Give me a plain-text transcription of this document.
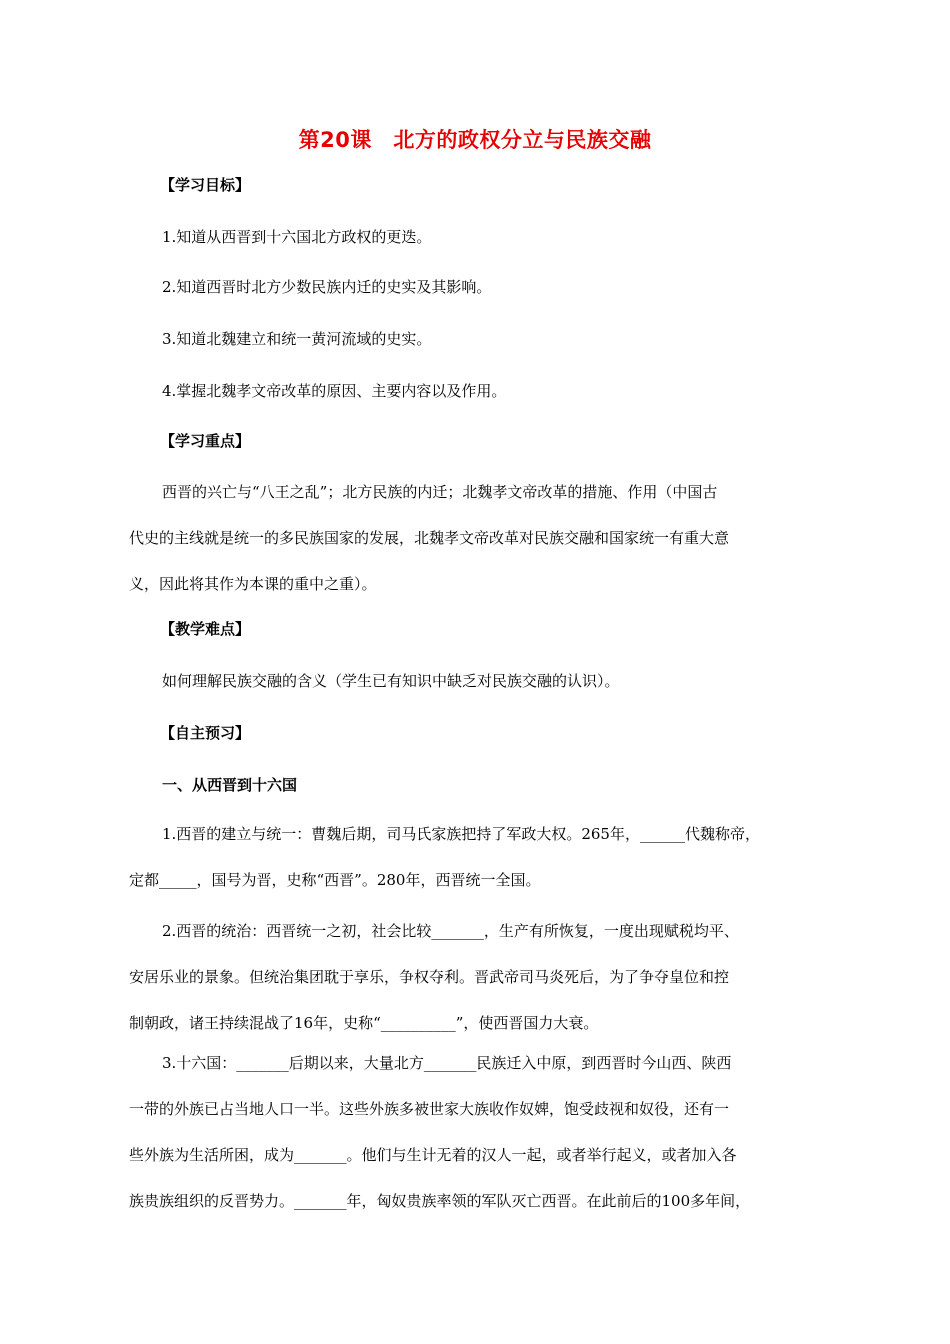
第20课　北方的政权分立与民族交融
【学习目标】
1.知道从西晋到十六国北方政权的更迭。
2.知道西晋时北方少数民族内迁的史实及其影响。
3.知道北魏建立和统一黄河流域的史实。
4.掌握北魏孝文帝改革的原因、主要内容以及作用。
【学习重点】
西晋的兴亡与“八王之乱”；北方民族的内迁；北魏孝文帝改革的措施、作用（中国古
代史的主线就是统一的多民族国家的发展，北魏孝文帝改革对民族交融和国家统一有重大意
义，因此将其作为本课的重中之重）。
【教学难点】
如何理解民族交融的含义（学生已有知识中缺乏对民族交融的认识）。
【自主预习】
一、从西晋到十六国
1.西晋的建立与统一：曹魏后期，司马氏家族把持了军政大权。265年，______代魏称帝，
定都_____，国号为晋，史称“西晋”。280年，西晋统一全国。
2.西晋的统治：西晋统一之初，社会比较_______，生产有所恢复，一度出现赋税均平、
安居乐业的景象。但统治集团耽于享乐，争权夺利。晋武帝司马炎死后，为了争夺皇位和控
制朝政，诸王持续混战了16年，史称“__________”，使西晋国力大衰。
3.十六国：_______后期以来，大量北方_______民族迁入中原，到西晋时今山西、陕西
一带的外族已占当地人口一半。这些外族多被世家大族收作奴婢，饱受歧视和奴役，还有一
些外族为生活所困，成为_______。他们与生计无着的汉人一起，或者举行起义，或者加入各
族贵族组织的反晋势力。_______年，匈奴贵族率领的军队灭亡西晋。在此前后的100多年间，
